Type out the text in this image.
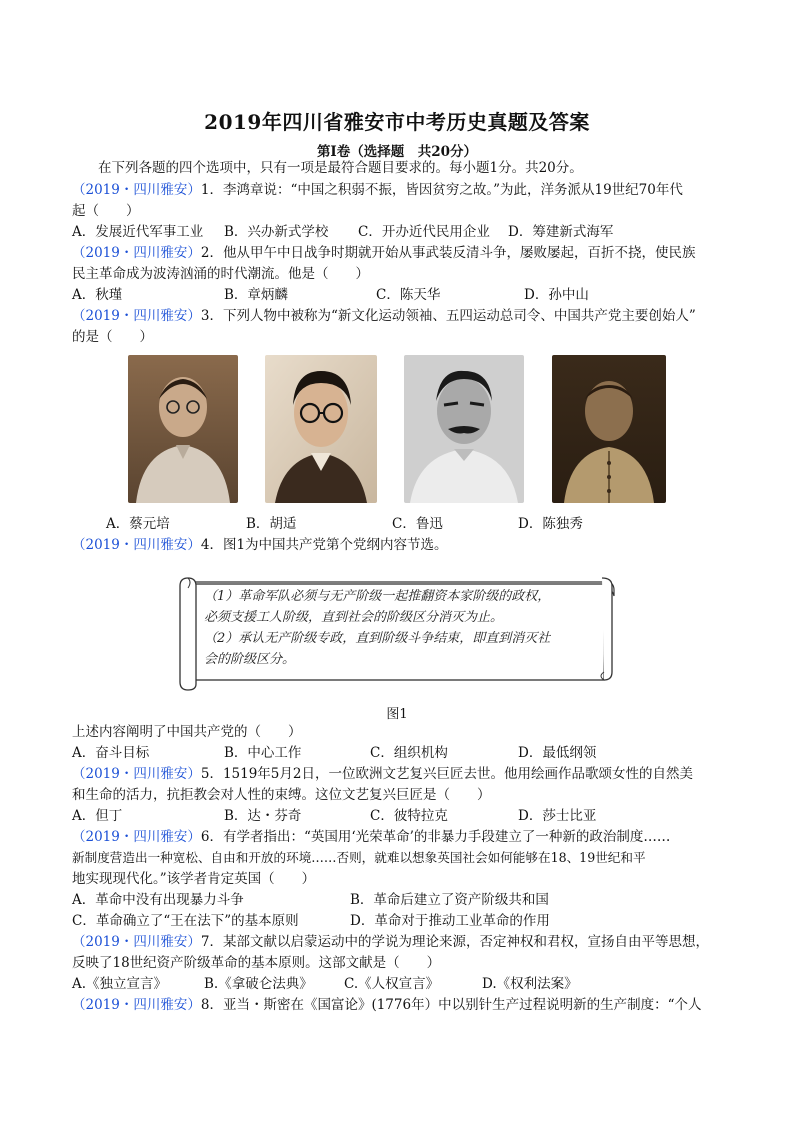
2019年四川省雅安市中考历史真题及答案
第Ⅰ卷（选择题　共20分）
在下列各题的四个选项中，只有一项是最符合题目要求的。每小题1分。共20分。
（2019・四川雅安）1．李鸿章说：“中国之积弱不振，皆因贫穷之故。”为此，洋务派从19世纪70年代
起（　　）
A．发展近代军事工业 B．兴办新式学校 C．开办近代民用企业 D．筹建新式海军
（2019・四川雅安）2．他从甲午中日战争时期就开始从事武装反清斗争，屡败屡起，百折不挠，使民族
民主革命成为波涛汹涌的时代潮流。他是（　　）
A．秋瑾	B．章炳麟	C．陈天华	D．孙中山
（2019・四川雅安）3．下列人物中被称为“新文化运动领袖、五四运动总司令、中国共产党主要创始人”
的是（　　）
A．蔡元培	B．胡适	C．鲁迅	D．陈独秀
（2019・四川雅安）4．图1为中国共产党第个党纲内容节选。
（1）革命军队必须与无产阶级一起推翻资本家阶级的政权，
必须支援工人阶级，直到社会的阶级区分消灭为止。
（2）承认无产阶级专政，直到阶级斗争结束，即直到消灭社
会的阶级区分。
图1
上述内容阐明了中国共产党的（　　）
A．奋斗目标	B．中心工作	C．组织机构	D．最低纲领
（2019・四川雅安）5．1519年5月2日，一位欧洲文艺复兴巨匠去世。他用绘画作品歌颂女性的自然美
和生命的活力，抗拒教会对人性的束缚。这位文艺复兴巨匠是（　　）
A．但丁	B．达・芬奇	C．彼特拉克	D．莎士比亚
（2019・四川雅安）6．有学者指出：“英国用‘光荣革命’的非暴力手段建立了一种新的政治制度……
新制度营造出一种宽松、自由和开放的环境……否则，就难以想象英国社会如何能够在18、19世纪和平
地实现现代化。”该学者肯定英国（　　）
A．革命中没有出现暴力斗争	B．革命后建立了资产阶级共和国
C．革命确立了“王在法下”的基本原则	D．革命对于推动工业革命的作用
（2019・四川雅安）7．某部文献以启蒙运动中的学说为理论来源，否定神权和君权，宣扬自由平等思想，
反映了18世纪资产阶级革命的基本原则。这部文献是（　　）
A.《独立宣言》	B.《拿破仑法典》 C.《人权宣言》	D.《权利法案》
（2019・四川雅安）8．亚当・斯密在《国富论》(1776年）中以别针生产过程说明新的生产制度：“个人
